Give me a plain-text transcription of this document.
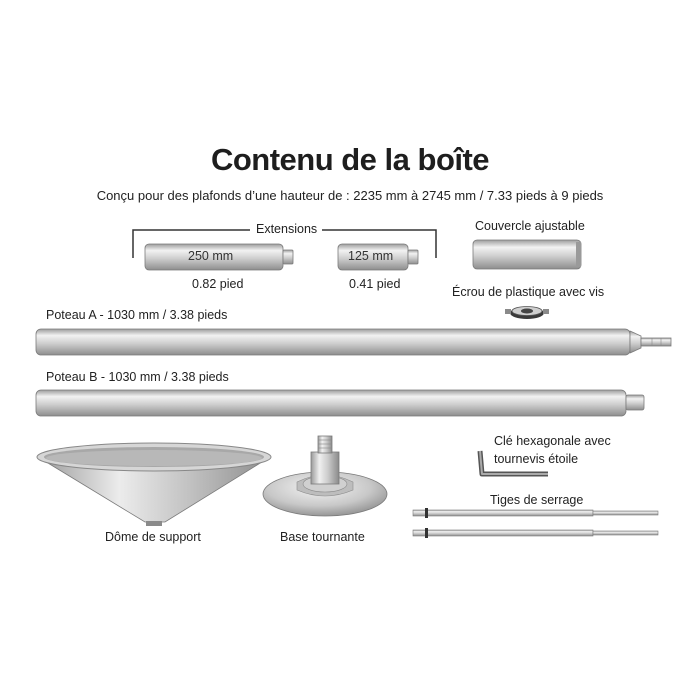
Contenu de la boîte
Conçu pour des plafonds d’une hauteur de : 2235 mm à 2745 mm / 7.33 pieds à 9 pieds
Extensions
250 mm
0.82 pied
125 mm
0.41 pied
Couvercle ajustable
Écrou de plastique avec vis
Poteau A - 1030 mm / 3.38 pieds
Poteau B - 1030 mm / 3.38 pieds
Clé hexagonale avec
tournevis étoile
Tiges de serrage
Dôme de support	Base tournante
